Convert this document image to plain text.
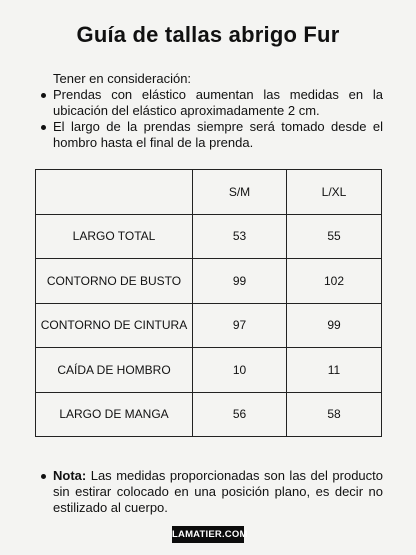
Guía de tallas abrigo Fur
Tener en consideración:
Prendas con elástico aumentan las medidas en la ubicación del elástico aproximadamente 2 cm.
El largo de la prendas siempre será tomado desde el hombro hasta el final de la prenda.
	S/M	L/XL
LARGO TOTAL	53	55
CONTORNO DE BUSTO	99	102
CONTORNO DE CINTURA	97	99
CAÍDA DE HOMBRO	10	11
LARGO DE MANGA	56	58
Nota: Las medidas proporcionadas son las del producto sin estirar colocado en una posición plano, es decir no estilizado al cuerpo.
LAMATIER.COM
